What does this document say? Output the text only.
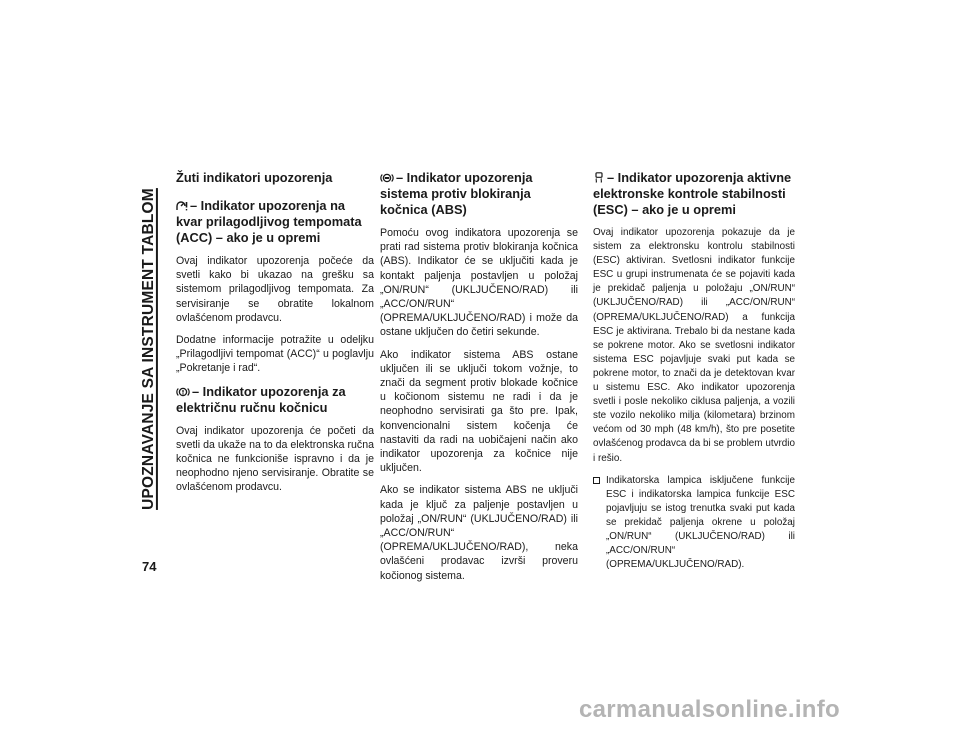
UPOZNAVANJE SA INSTRUMENT TABLOM
74
Žuti indikatori upozorenja
– Indikator upozorenja na kvar prilagodljivog tempomata (ACC) – ako je u opremi

Ovaj indikator upozorenja počeće da svetli kako bi ukazao na grešku sa sistemom prilagodljivog tempomata. Za servisiranje se obratite lokalnom ovlašćenom prodavcu.

Dodatne informacije potražite u odeljku „Prilagodljivi tempomat (ACC)“ u poglavlju „Pokretanje i rad“.

– Indikator upozorenja za električnu ručnu kočnicu

Ovaj indikator upozorenja će početi da svetli da ukaže na to da elektronska ručna kočnica ne funkcioniše ispravno i da je neophodno njeno servisiranje. Obratite se ovlašćenom prodavcu.

– Indikator upozorenja sistema protiv blokiranja kočnica (ABS)

Pomoću ovog indikatora upozorenja se prati rad sistema protiv blokiranja kočnica (ABS). Indikator će se uključiti kada je kontakt paljenja postavljen u položaj „ON/RUN“ (UKLJUČENO/RAD) ili „ACC/ON/RUN“ (OPREMA/UKLJUČENO/RAD) i može da ostane uključen do četiri sekunde.

Ako indikator sistema ABS ostane uključen ili se uključi tokom vožnje, to znači da segment protiv blokade kočnice u kočionom sistemu ne radi i da je neophodno servisirati ga što pre. Ipak, konvencionalni sistem kočenja će nastaviti da radi na uobičajeni način ako indikator upozorenja za kočnice nije uključen.

Ako se indikator sistema ABS ne uključi kada je ključ za paljenje postavljen u položaj „ON/RUN“ (UKLJUČENO/RAD) ili „ACC/ON/RUN“ (OPREMA/UKLJUČENO/RAD), neka ovlašćeni prodavac izvrši proveru kočionog sistema.

– Indikator upozorenja aktivne elektronske kontrole stabilnosti (ESC) – ako je u opremi

Ovaj indikator upozorenja pokazuje da je sistem za elektronsku kontrolu stabilnosti (ESC) aktiviran. Svetlosni indikator funkcije ESC u grupi instrumenata će se pojaviti kada je prekidač paljenja u položaju „ON/RUN“ (UKLJUČENO/RAD) ili „ACC/ON/RUN“ (OPREMA/UKLJUČENO/RAD) a funkcija ESC je aktivirana. Trebalo bi da nestane kada se pokrene motor. Ako se svetlosni indikator sistema ESC pojavljuje svaki put kada se pokrene motor, to znači da je detektovan kvar u sistemu ESC. Ako indikator upozorenja svetli i posle nekoliko ciklusa paljenja, a vozili ste vozilo nekoliko milja (kilometara) brzinom većom od 30 mph (48 km/h), što pre posetite ovlašćenog prodavca da bi se problem utvrdio i rešio.

Indikatorska lampica isključene funkcije ESC i indikatorska lampica funkcije ESC pojavljuju se istog trenutka svaki put kada se prekidač paljenja okrene u položaj „ON/RUN“ (UKLJUČENO/RAD) ili „ACC/ON/RUN“ (OPREMA/UKLJUČENO/RAD).

carmanualsonline.info
